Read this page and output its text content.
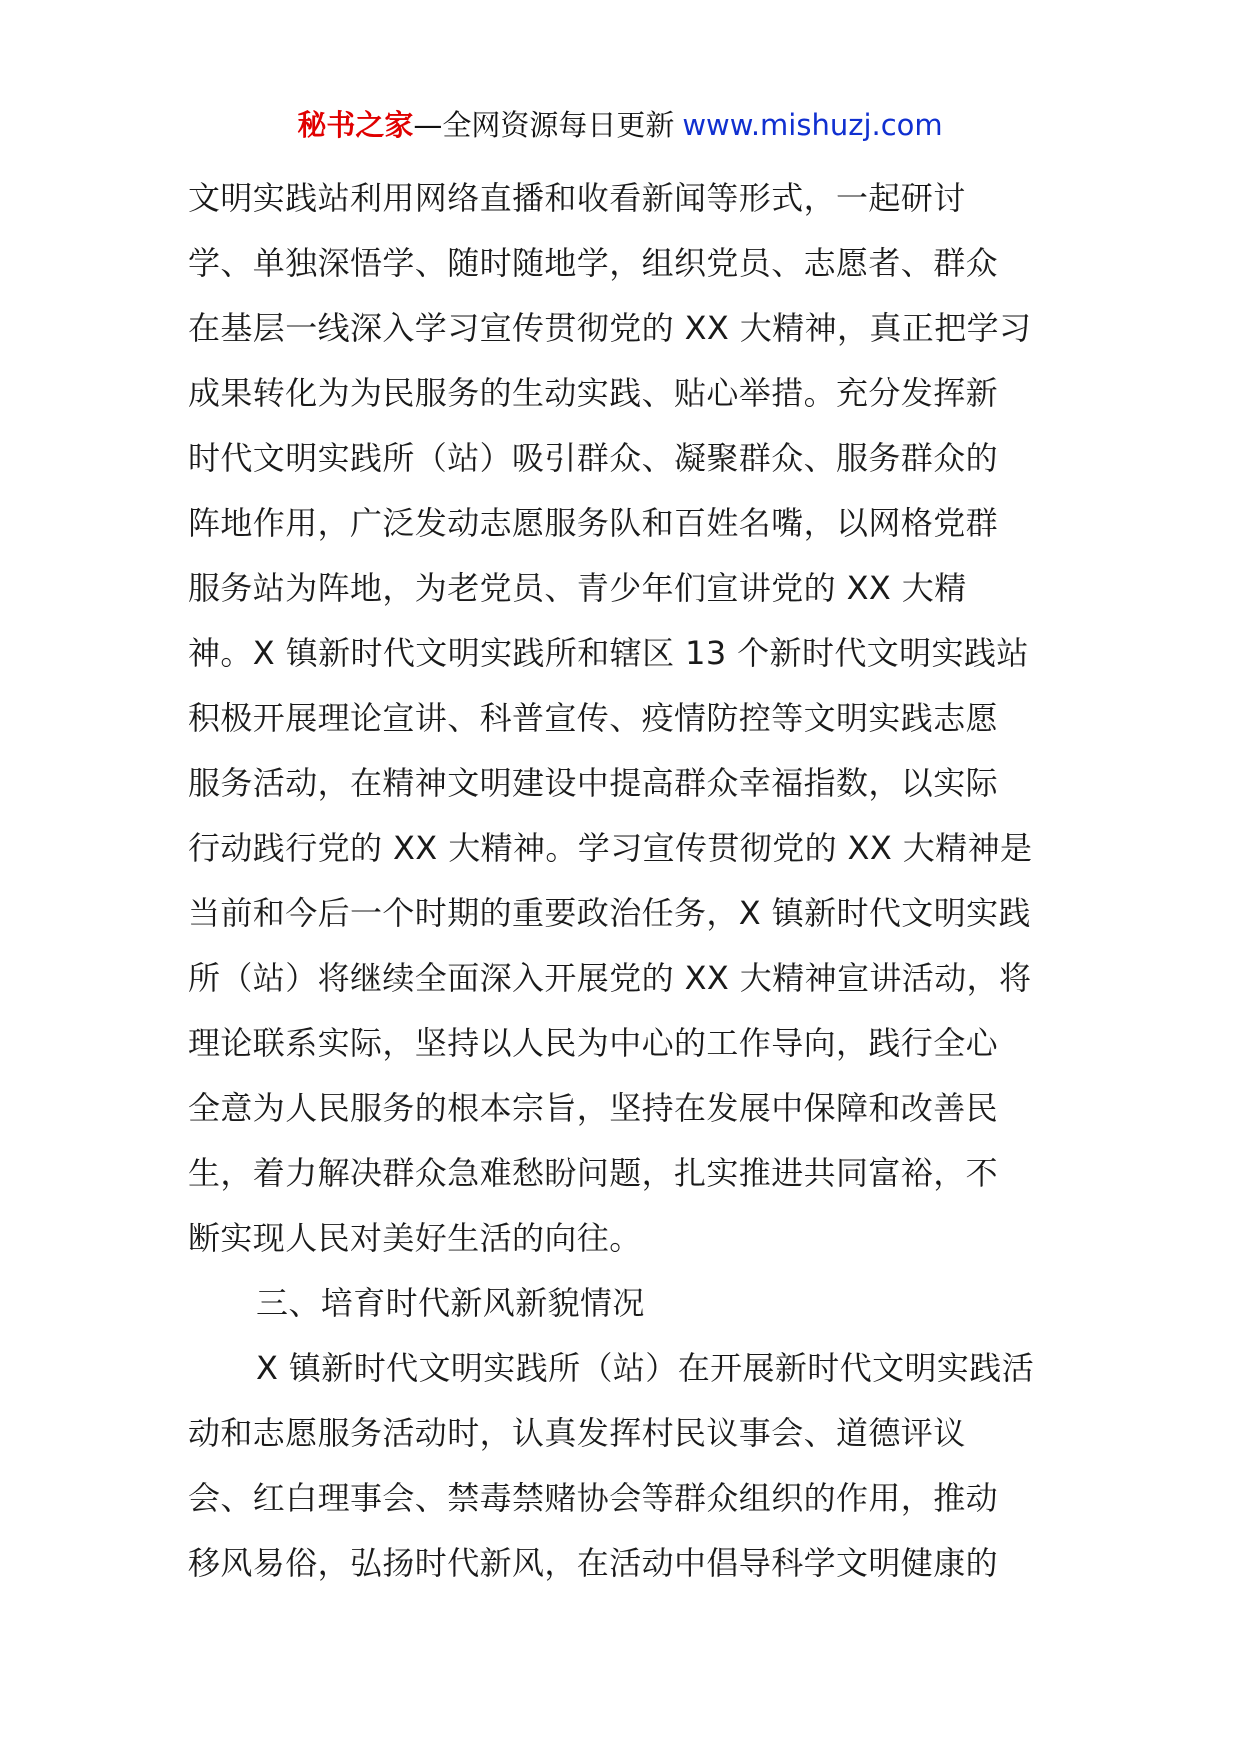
秘书之家—全网资源每日更新 www.mishuzj.com
文明实践站利用网络直播和收看新闻等形式，一起研讨
学、单独深悟学、随时随地学，组织党员、志愿者、群众
在基层一线深入学习宣传贯彻党的 XX 大精神，真正把学习
成果转化为为民服务的生动实践、贴心举措。充分发挥新
时代文明实践所（站）吸引群众、凝聚群众、服务群众的
阵地作用，广泛发动志愿服务队和百姓名嘴，以网格党群
服务站为阵地，为老党员、青少年们宣讲党的 XX 大精
神。X 镇新时代文明实践所和辖区 13 个新时代文明实践站
积极开展理论宣讲、科普宣传、疫情防控等文明实践志愿
服务活动，在精神文明建设中提高群众幸福指数，以实际
行动践行党的 XX 大精神。学习宣传贯彻党的 XX 大精神是
当前和今后一个时期的重要政治任务，X 镇新时代文明实践
所（站）将继续全面深入开展党的 XX 大精神宣讲活动，将
理论联系实际，坚持以人民为中心的工作导向，践行全心
全意为人民服务的根本宗旨，坚持在发展中保障和改善民
生，着力解决群众急难愁盼问题，扎实推进共同富裕，不
断实现人民对美好生活的向往。
三、培育时代新风新貌情况
X 镇新时代文明实践所（站）在开展新时代文明实践活
动和志愿服务活动时，认真发挥村民议事会、道德评议
会、红白理事会、禁毒禁赌协会等群众组织的作用，推动
移风易俗，弘扬时代新风，在活动中倡导科学文明健康的
